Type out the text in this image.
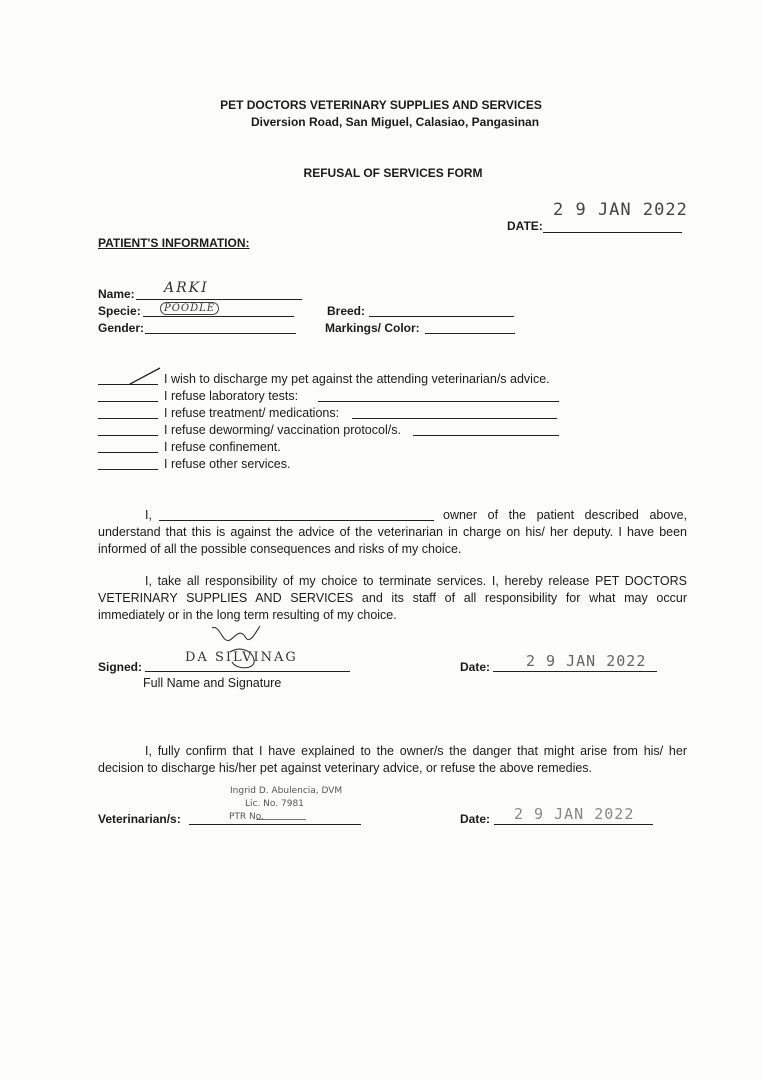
PET DOCTORS VETERINARY SUPPLIES AND SERVICES
Diversion Road, San Miguel, Calasiao, Pangasinan
REFUSAL OF SERVICES FORM
2 9 JAN 2022
DATE:
PATIENT'S INFORMATION:
Name: ARKI
Specie:	POODLE
Gender:
Breed:
Markings/ Color:
I wish to discharge my pet against the attending veterinarian/s advice.
I refuse laboratory tests:
I refuse treatment/ medications:
I refuse deworming/ vaccination protocol/s.
I refuse confinement.
I refuse other services.
I,	owner of the patient described above,
understand that this is against the advice of the veterinarian in charge on his/ her deputy. I have been informed of all the possible consequences and risks of my choice.
I, take all responsibility of my choice to terminate services. I, hereby release PET DOCTORS VETERINARY SUPPLIES AND SERVICES and its staff of all responsibility for what may occur immediately or in the long term resulting of my choice.
Signed:
DA SILVINAG
Full Name and Signature
Date: 2 9 JAN 2022
I, fully confirm that I have explained to the owner/s the danger that might arise from his/ her decision to discharge his/her pet against veterinary advice, or refuse the above remedies.
Ingrid D. Abulencia, DVM
Lic. No. 7981
PTR No.
Veterinarian/s:	Date: 2 9 JAN 2022
